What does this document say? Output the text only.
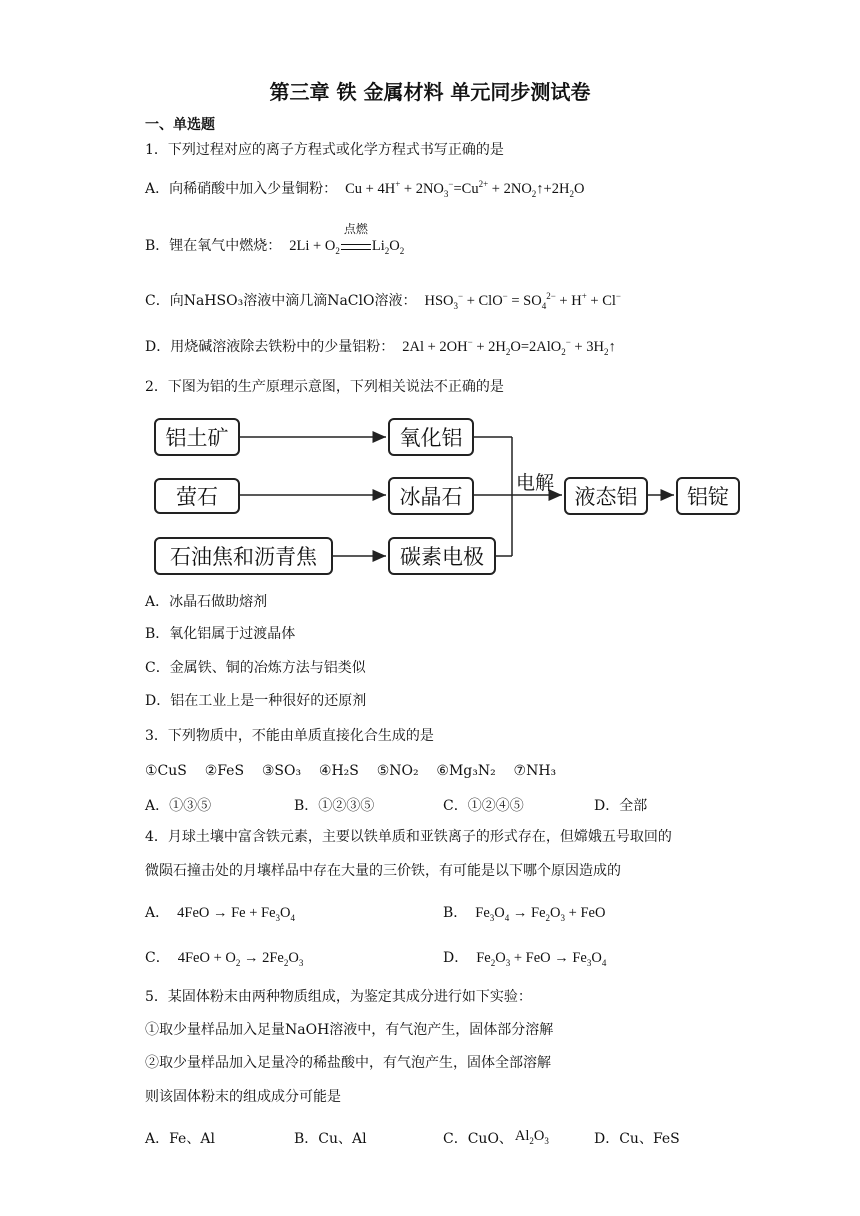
第三章 铁 金属材料 单元同步测试卷
一、单选题
1．下列过程对应的离子方程式或化学方程式书写正确的是
A．向稀硝酸中加入少量铜粉： $Cu + 4H^+ + 2NO_3^-=Cu^{2+}$ + $2NO_2↑+2H_2O$
B．锂在氧气中燃烧： $2Li + O_2$
点燃
$Li_2O_2$
C．向NaHSO₃溶液中滴几滴NaClO溶液： $HSO_3^- + ClO^- = SO_4^{2-} + H^+ + Cl^-$
D．用烧碱溶液除去铁粉中的少量铝粉： $2Al + 2OH^- + 2H_2O=2AlO_2^-$ + $3H_2↑$
2．下图为铝的生产原理示意图，下列相关说法不正确的是
铝土矿
萤石
石油焦和沥青焦
氧化铝
冰晶石
碳素电极
电解
液态铝	铝锭
A．冰晶石做助熔剂
B．氧化铝属于过渡晶体
C．金属铁、铜的冶炼方法与铝类似
D．铝在工业上是一种很好的还原剂
3．下列物质中，不能由单质直接化合生成的是
①CuS ②FeS ③SO₃ ④H₂S ⑤NO₂ ⑥Mg₃N₂ ⑦NH₃
A．①③⑤	B．①②③⑤	C．①②④⑤	D．全部
4．月球土壤中富含铁元素，主要以铁单质和亚铁离子的形式存在，但嫦娥五号取回的
微陨石撞击处的月壤样品中存在大量的三价铁，有可能是以下哪个原因造成的
A． $4FeO \to Fe + Fe_3O_4$	B． $Fe_3O_4 \to Fe_2O_3$ + FeO
C． $4FeO + O_2 \to 2Fe_2O_3$	D． $Fe_2O_3$ + FeO → $Fe_3O_4$
5．某固体粉末由两种物质组成，为鉴定其成分进行如下实验：
①取少量样品加入足量NaOH溶液中，有气泡产生，固体部分溶解
②取少量样品加入足量冷的稀盐酸中，有气泡产生，固体全部溶解
则该固体粉末的组成成分可能是
A．Fe、Al	B．Cu、Al	C．CuO、 $Al_2O_3$	D．Cu、FeS
